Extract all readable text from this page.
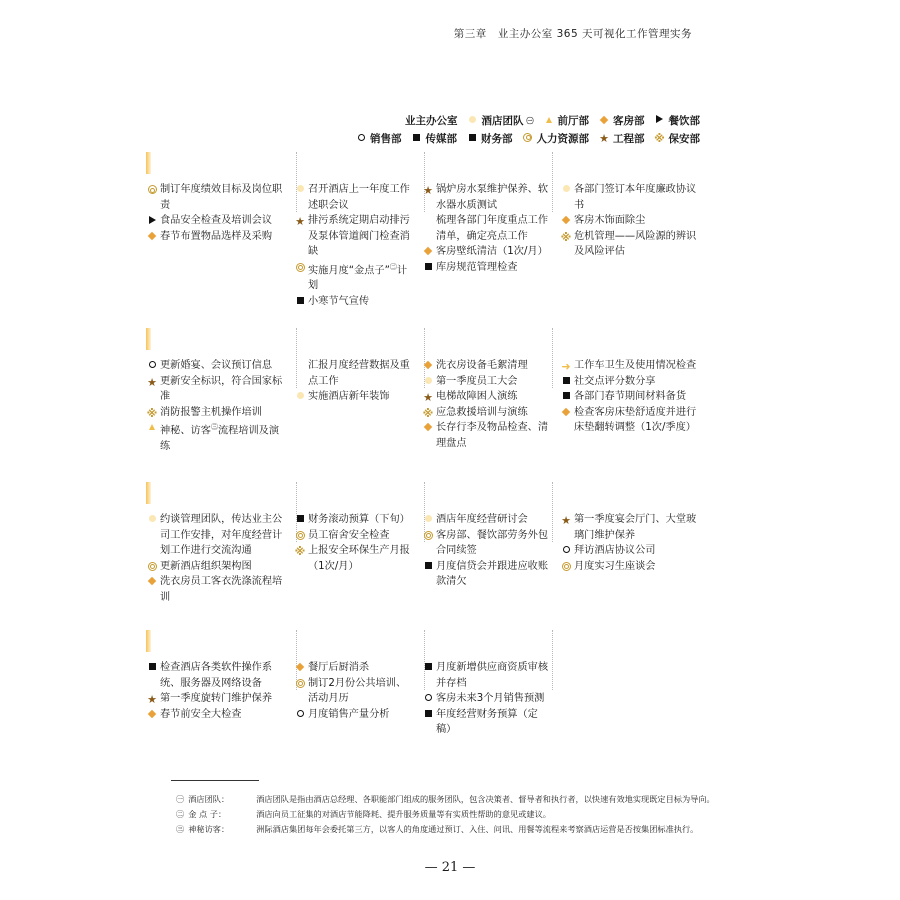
第三章　业主办公室 365 天可视化工作管理实务
业主办公室 酒店团队 ㊀ 前厅部 客房部 餐饮部
销售部 传媒部 财务部 人力资源部 ★ 工程部 ※ 保安部
制订年度绩效目标及岗位职责
食品安全检查及培训会议
春节布置物品选样及采购
召开酒店上一年度工作述职会议
★ 排污系统定期启动排污及泵体管道阀门检查消缺
实施月度“金点子”$^㊁$计划
小寒节气宣传
★ 锅炉房水泵维护保养、软水器水质测试
梳理各部门年度重点工作清单，确定亮点工作
客房壁纸清洁（1次/月）
库房规范管理检查
各部门签订本年度廉政协议书
客房木饰面除尘
※ 危机管理——风险源的辨识及风险评估
更新婚宴、会议预订信息
★ 更新安全标识，符合国家标准
※ 消防报警主机操作培训
神秘、访客$^㊂$流程培训及演练
汇报月度经营数据及重点工作
实施酒店新年装饰
洗衣房设备毛絮清理
第一季度员工大会
★ 电梯故障困人演练
※ 应急救援培训与演练
长存行李及物品检查、清理盘点
➜ 工作车卫生及使用情况检查
社交点评分数分享
各部门春节期间材料备货
检查客房床垫舒适度并进行床垫翻转调整（1次/季度）
约谈管理团队，传达业主公司工作安排，对年度经营计划工作进行交流沟通
更新酒店组织架构图
洗衣房员工客衣洗涤流程培训
财务滚动预算（下旬）
员工宿舍安全检查
※ 上报安全环保生产月报（1次/月）
酒店年度经营研讨会
客房部、餐饮部劳务外包合同续签
月度信贷会并跟进应收账款清欠
★ 第一季度宴会厅门、大堂玻璃门维护保养
拜访酒店协议公司
月度实习生座谈会
检查酒店各类软件操作系统、服务器及网络设备
★ 第一季度旋转门维护保养
春节前安全大检查
餐厅后厨消杀
制订2月份公共培训、活动月历
月度销售产量分析
月度新增供应商资质审核并存档
客房未来3个月销售预测
年度经营财务预算（定稿）
㊀ 酒店团队：	酒店团队是指由酒店总经理、各职能部门组成的服务团队，包含决策者、督导者和执行者，以快速有效地实现既定目标为导向。
㊁ 金 点 子：	酒店向员工征集的对酒店节能降耗、提升服务质量等有实质性帮助的意见或建议。
㊂ 神秘访客：	洲际酒店集团每年会委托第三方，以客人的角度通过预订、入住、问讯、用餐等流程来考察酒店运营是否按集团标准执行。
— 21 —
